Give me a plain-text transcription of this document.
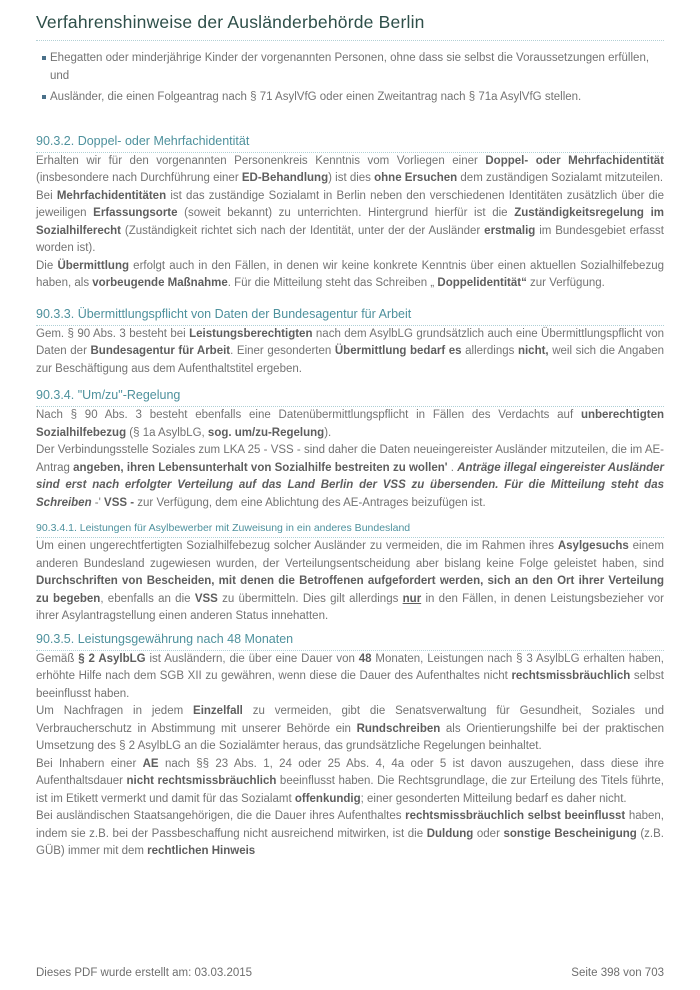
Verfahrenshinweise der Ausländerbehörde Berlin
Ehegatten oder minderjährige Kinder der vorgenannten Personen, ohne dass sie selbst die Voraussetzungen erfüllen,
und
Ausländer, die einen Folgeantrag nach § 71 AsylVfG oder einen Zweitantrag nach § 71a AsylVfG stellen.
90.3.2. Doppel- oder Mehrfachidentität

Erhalten wir für den vorgenannten Personenkreis Kenntnis vom Vorliegen einer Doppel- oder Mehrfachidentität (insbesondere nach Durchführung einer ED-Behandlung) ist dies ohne Ersuchen dem zuständigen Sozialamt mitzuteilen.

Bei Mehrfachidentitäten ist das zuständige Sozialamt in Berlin neben den verschiedenen Identitäten zusätzlich über die jeweiligen Erfassungsorte (soweit bekannt) zu unterrichten. Hintergrund hierfür ist die Zuständigkeitsregelung im Sozialhilferecht (Zuständigkeit richtet sich nach der Identität, unter der der Ausländer erstmalig im Bundesgebiet erfasst worden ist).

Die Übermittlung erfolgt auch in den Fällen, in denen wir keine konkrete Kenntnis über einen aktuellen Sozialhilfebezug haben, als vorbeugende Maßnahme. Für die Mitteilung steht das Schreiben „ Doppelidentität“ zur Verfügung.

90.3.3. Übermittlungspflicht von Daten der Bundesagentur für Arbeit

Gem. § 90 Abs. 3 besteht bei Leistungsberechtigten nach dem AsylbLG grundsätzlich auch eine Übermittlungspflicht von Daten der Bundesagentur für Arbeit. Einer gesonderten Übermittlung bedarf es allerdings nicht, weil sich die Angaben zur Beschäftigung aus dem Aufenthaltstitel ergeben.

90.3.4. "Um/zu"-Regelung

Nach § 90 Abs. 3 besteht ebenfalls eine Datenübermittlungspflicht in Fällen des Verdachts auf unberechtigten Sozialhilfebezug (§ 1a AsylbLG, sog. um/zu-Regelung).

Der Verbindungsstelle Soziales zum LKA 25 - VSS - sind daher die Daten neueingereister Ausländer mitzuteilen, die im AE-Antrag angeben, ihren Lebensunterhalt von Sozialhilfe bestreiten zu wollen' . Anträge illegal eingereister Ausländer sind erst nach erfolgter Verteilung auf das Land Berlin der VSS zu übersenden. Für die Mitteilung steht das Schreiben -' VSS - zur Verfügung, dem eine Ablichtung des AE-Antrages beizufügen ist.

90.3.4.1. Leistungen für Asylbewerber mit Zuweisung in ein anderes Bundesland

Um einen ungerechtfertigten Sozialhilfebezug solcher Ausländer zu vermeiden, die im Rahmen ihres Asylgesuchs einem anderen Bundesland zugewiesen wurden, der Verteilungsentscheidung aber bislang keine Folge geleistet haben, sind Durchschriften von Bescheiden, mit denen die Betroffenen aufgefordert werden, sich an den Ort ihrer Verteilung zu begeben, ebenfalls an die VSS zu übermitteln. Dies gilt allerdings nur in den Fällen, in denen Leistungsbezieher vor ihrer Asylantragstellung einen anderen Status innehatten.

90.3.5. Leistungsgewährung nach 48 Monaten

Gemäß § 2 AsylbLG ist Ausländern, die über eine Dauer von 48 Monaten, Leistungen nach § 3 AsylbLG erhalten haben, erhöhte Hilfe nach dem SGB XII zu gewähren, wenn diese die Dauer des Aufenthaltes nicht rechtsmissbräuchlich selbst beeinflusst haben.

Um Nachfragen in jedem Einzelfall zu vermeiden, gibt die Senatsverwaltung für Gesundheit, Soziales und Verbraucherschutz in Abstimmung mit unserer Behörde ein Rundschreiben als Orientierungshilfe bei der praktischen Umsetzung des § 2 AsylbLG an die Sozialämter heraus, das grundsätzliche Regelungen beinhaltet.

Bei Inhabern einer AE nach §§ 23 Abs. 1, 24 oder 25 Abs. 4, 4a oder 5 ist davon auszugehen, dass diese ihre Aufenthaltsdauer nicht rechtsmissbräuchlich beeinflusst haben. Die Rechtsgrundlage, die zur Erteilung des Titels führte, ist im Etikett vermerkt und damit für das Sozialamt offenkundig; einer gesonderten Mitteilung bedarf es daher nicht.

Bei ausländischen Staatsangehörigen, die die Dauer ihres Aufenthaltes rechtsmissbräuchlich selbst beeinflusst haben, indem sie z.B. bei der Passbeschaffung nicht ausreichend mitwirken, ist die Duldung oder sonstige Bescheinigung (z.B. GÜB) immer mit dem rechtlichen Hinweis

Dieses PDF wurde erstellt am: 03.03.2015	Seite 398 von 703
